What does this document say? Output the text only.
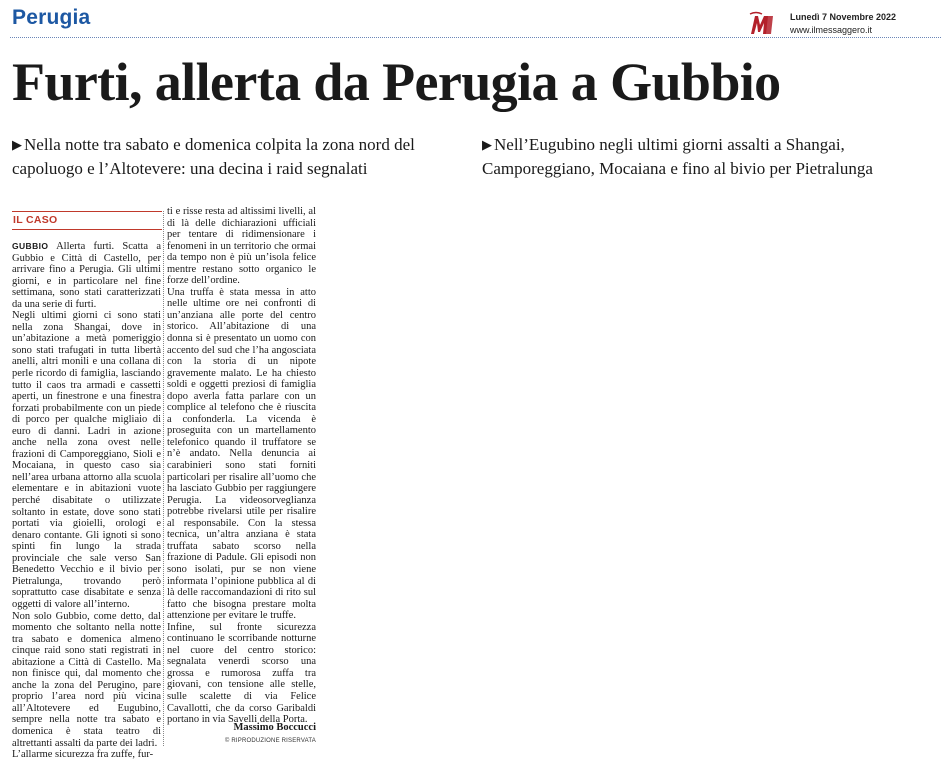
Perugia	Lunedì 7 Novembre 2022
www.ilmessaggero.it
Furti, allerta da Perugia a Gubbio

▶ Nella notte tra sabato e domenica colpita la zona nord del capoluogo e l’Altotevere: una decina i raid segnalati

▶ Nell’Eugubino negli ultimi giorni assalti a Shangai, Camporeggiano, Mocaiana e fino al bivio per Pietralunga

IL CASO

GUBBIO Allerta furti. Scatta a Gubbio e Città di Castello, per arrivare fino a Perugia. Gli ultimi giorni, e in particolare nel fine settimana, sono stati caratterizzati da una serie di furti.

Negli ultimi giorni ci sono stati nella zona Shangai, dove in un’abitazione a metà pomeriggio sono stati trafugati in tutta libertà anelli, altri monili e una collana di perle ricordo di famiglia, lasciando tutto il caos tra armadi e cassetti aperti, un finestrone e una finestra forzati probabilmente con un piede di porco per qualche migliaio di euro di danni. Ladri in azione anche nella zona ovest nelle frazioni di Camporeggiano, Sioli e Mocaiana, in questo caso sia nell’area urbana attorno alla scuola elementare e in abitazioni vuote perché disabitate o utilizzate soltanto in estate, dove sono stati portati via gioielli, orologi e denaro contante. Gli ignoti si sono spinti fin lungo la strada provinciale che sale verso San Benedetto Vecchio e il bivio per Pietralunga, trovando però soprattutto case disabitate e senza oggetti di valore all’interno.

Non solo Gubbio, come detto, dal momento che soltanto nella notte tra sabato e domenica almeno cinque raid sono stati registrati in abitazione a Città di Castello. Ma non finisce qui, dal momento che anche la zona del Perugino, pare proprio l’area nord più vicina all’Altotevere ed Eugubino, sempre nella notte tra sabato e domenica è stata teatro di altrettanti assalti da parte dei ladri.

L’allarme sicurezza fra zuffe, fur-

ti e risse resta ad altissimi livelli, al di là delle dichiarazioni ufficiali per tentare di ridimensionare i fenomeni in un territorio che ormai da tempo non è più un’isola felice mentre restano sotto organico le forze dell’ordine.

Una truffa è stata messa in atto nelle ultime ore nei confronti di un’anziana alle porte del centro storico. All’abitazione di una donna si è presentato un uomo con accento del sud che l’ha angosciata con la storia di un nipote gravemente malato. Le ha chiesto soldi e oggetti preziosi di famiglia dopo averla fatta parlare con un complice al telefono che è riuscita a confonderla. La vicenda è proseguita con un martellamento telefonico quando il truffatore se n’è andato. Nella denuncia ai carabinieri sono stati forniti particolari per risalire all’uomo che ha lasciato Gubbio per raggiungere Perugia. La videosorveglianza potrebbe rivelarsi utile per risalire al responsabile. Con la stessa tecnica, un’altra anziana è stata truffata sabato scorso nella frazione di Padule. Gli episodi non sono isolati, pur se non viene informata l’opinione pubblica al di là delle raccomandazioni di rito sul fatto che bisogna prestare molta attenzione per evitare le truffe.

Infine, sul fronte sicurezza continuano le scorribande notturne nel cuore del centro storico: segnalata venerdì scorso una grossa e rumorosa zuffa tra giovani, con tensione alle stelle, sulle scalette di via Felice Cavallotti, che da corso Garibaldi portano in via Savelli della Porta.

Massimo Boccucci

© RIPRODUZIONE RISERVATA
